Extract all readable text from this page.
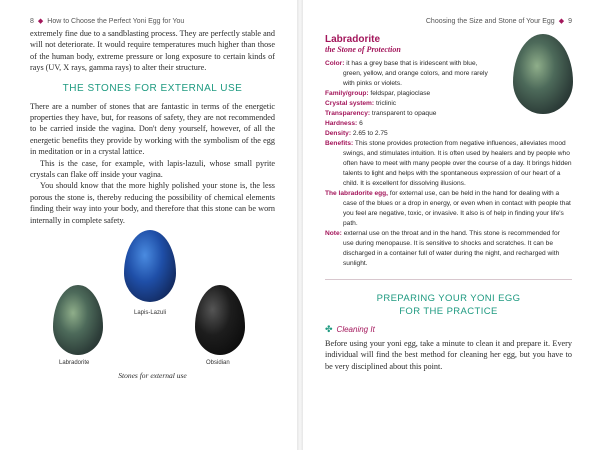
8 ◆ How to Choose the Perfect Yoni Egg for You

extremely fine due to a sandblasting process. They are perfectly stable and will not deteriorate. It would require temperatures much higher than those of the human body, extreme pressure or long exposure to certain kinds of rays (UV, X rays, gamma rays) to alter their structure.

THE STONES FOR EXTERNAL USE

There are a number of stones that are fantastic in terms of the energetic properties they have, but, for reasons of safety, they are not recommended to be carried inside the vagina. Don't deny yourself, however, of all the energetic benefits they provide by working with the symbolism of the egg in meditation or in a crystal lattice.

This is the case, for example, with lapis-lazuli, whose small pyrite crystals can flake off inside your vagina.

You should know that the more highly polished your stone is, the less porous the stone is, thereby reducing the possibility of chemical elements finding their way into your body, and therefore that this stone can be worn internally in complete safety.

Lapis-Lazuli
Labradorite	Obsidian
Stones for external use
Choosing the Size and Stone of Your Egg ◆ 9
Labradorite
the Stone of Protection

Color: it has a grey base that is iridescent with blue, green, yellow, and orange colors, and more rarely with pinks or violets.

Family/group: feldspar, plagioclase

Crystal system: triclinic

Transparency: transparent to opaque

Hardness: 6

Density: 2.65 to 2.75

Benefits: This stone provides protection from negative influences, alleviates mood swings, and stimulates intuition. It is often used by healers and by people who often have to meet with many people over the course of a day. It brings hidden talents to light and helps with the spontaneous expression of our heart of a child. It is excellent for dissolving illusions.

The labradorite egg, for external use, can be held in the hand for dealing with a case of the blues or a drop in energy, or even when in contact with people that you feel are negative, toxic, or invasive. It also is of help in finding your life's path.

Note: external use on the throat and in the hand. This stone is recommended for use during menopause. It is sensitive to shocks and scratches. It can be discharged in a container full of water during the night, and recharged with sunlight.

PREPARING YOUR YONI EGG
FOR THE PRACTICE
✤ Cleaning It

Before using your yoni egg, take a minute to clean it and prepare it. Every individual will find the best method for cleaning her egg, but you have to be very disciplined about this point.
